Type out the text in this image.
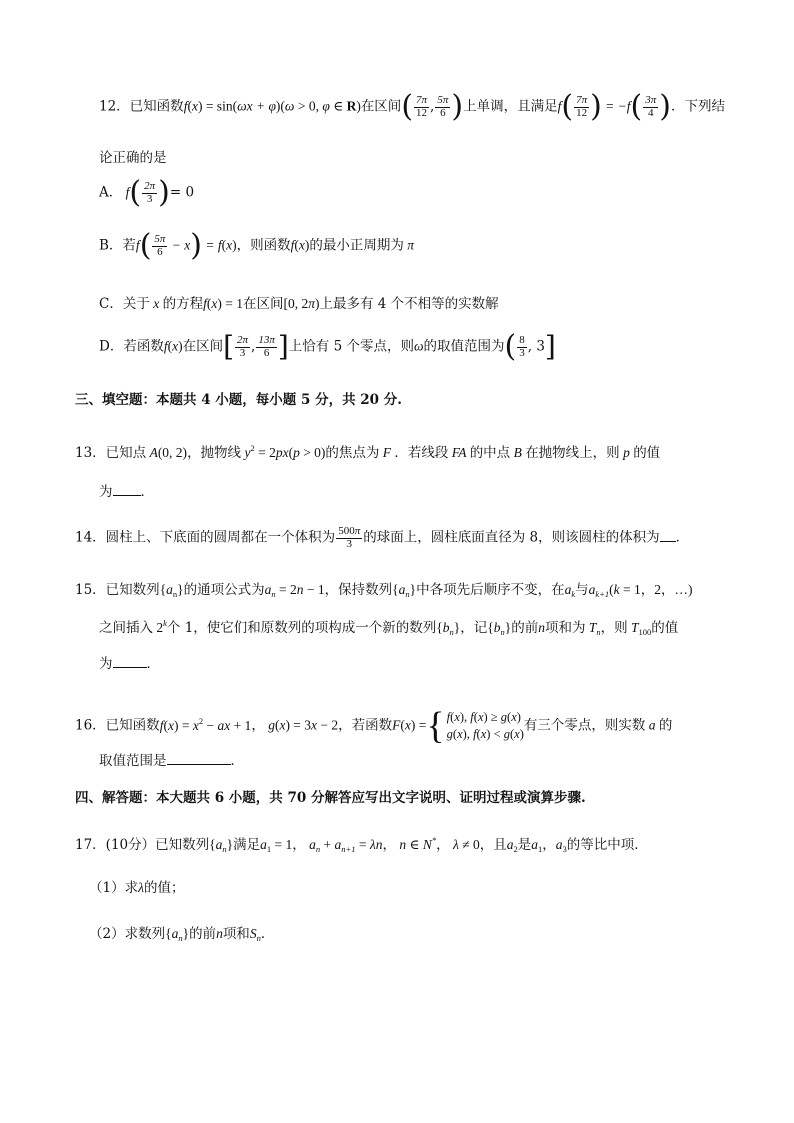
12．已知函数f(x) = sin(ωx + φ)(ω > 0, φ ∈ R)在区间( $\frac{7\pi}{12}$ , $\frac{5\pi}{6}$ )上单调，且满足$f( \frac{7\pi}{12}$ ) = $-f( \frac{3\pi}{4}$ )．下列结
论正确的是
A． $f( \frac{2\pi}{3}$ )= 0
B．若$f( \frac{5\pi}{6} - x) = f(x)$，则函数f(x)的最小正周期为 π
C．关于 x 的方程f(x) = 1在区间[0, 2π)上最多有 4 个不相等的实数解
D．若函数f(x)在区间[ $\frac{2\pi}{3}$ , $\frac{13\pi}{6}$ ]上恰有 5 个零点，则ω的取值范围为( $\frac{8}{3}$ , 3]
三、填空题：本题共 4 小题，每小题 5 分，共 20 分.
13．已知点 A(0, 2)，抛物线 $y^2 = 2px(p > 0)$的焦点为 F ．若线段 FA 的中点 B 在抛物线上，则 p 的值
为 ．
14．圆柱上、下底面的圆周都在一个体积为 $\frac{500\pi}{3}$ 的球面上，圆柱底面直径为 8，则该圆柱的体积为 ．
15．已知数列$\{a_n\}$的通项公式为$a_n = 2n - 1$，保持数列$\{a_n\}$中各项先后顺序不变，在$a_k$与$a_{k+1}(k = 1$，2，…)
之间插入 2$^k$个 1，使它们和原数列的项构成一个新的数列$\{b_n\}$，记$\{b_n\}$的前n项和为 $T_n$，则 $T_{100}$的值
为	．
16．已知函数$f(x) = x^2$ − ax + 1， g(x) = 3x − 2，若函数F(x) = { f(x), f(x) ≥ g(x)
g(x), f(x) < g(x)
有三个零点，则实数 a 的
取值范围是	．
四、解答题：本大题共 6 小题，共 70 分解答应写出文字说明、证明过程或演算步骤.
17．(10分）已知数列$\{a_n\}$满足$a_1 = 1$， $a_n + a_{n+1} = \lambda n$， n ∈ N*， λ ≠ 0，且$a_2$是$a_1$，$a_3$的等比中项．
（1）求λ的值；
（2）求数列$\{a_n\}$的前n项和$S_n$．
